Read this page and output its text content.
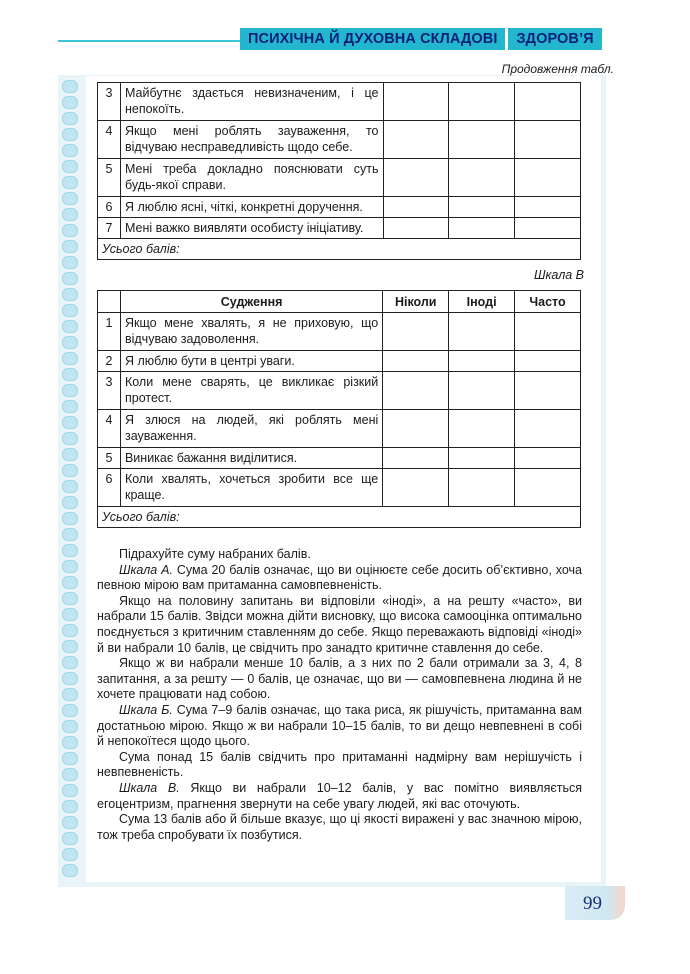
ПСИХІЧНА Й ДУХОВНА СКЛАДОВІ	ЗДОРОВ’Я
Продовження табл.
3	Майбутнє здається невизначеним, і це непокоїть.			
4	Якщо мені роблять зауваження, то відчуваю несправедливість щодо себе.			
5	Мені треба докладно пояснювати суть будь-якої справи.			
6	Я люблю ясні, чіткі, конкретні доручення.			
7	Мені важко виявляти особисту ініціативу.			
Усього балів:				
Шкала В
	Судження	Ніколи	Іноді	Часто
1	Якщо мене хвалять, я не приховую, що відчуваю задоволення.			
2	Я люблю бути в центрі уваги.			
3	Коли мене сварять, це викликає різкий протест.			
4	Я злюся на людей, які роблять мені зауваження.			
5	Виникає бажання виділитися.			
6	Коли хвалять, хочеться зробити все ще краще.			
Усього балів:				

Підрахуйте суму набраних балів.

Шкала А. Сума 20 балів означає, що ви оцінюєте себе досить об’єктивно, хоча певною мірою вам притаманна самовпевненість.

Якщо на половину запитань ви відповіли «іноді», а на решту «часто», ви набрали 15 балів. Звідси можна дійти висновку, що висока самооцінка оптимально поєднується з критичним ставленням до себе. Якщо переважають відповіді «іноді» й ви набрали 10 балів, це свідчить про занадто критичне ставлення до себе.

Якщо ж ви набрали менше 10 балів, а з них по 2 бали отримали за 3, 4, 8 запитання, а за решту — 0 балів, це означає, що ви — самовпевнена людина й не хочете працювати над собою.

Шкала Б. Сума 7–9 балів означає, що така риса, як рішучість, притаманна вам достатньою мірою. Якщо ж ви набрали 10–15 балів, то ви дещо невпевнені в собі й непокоїтеся щодо цього.

Сума понад 15 балів свідчить про притаманні надмірну вам нерішучість і невпевненість.

Шкала В. Якщо ви набрали 10–12 балів, у вас помітно виявляється егоцентризм, прагнення звернути на себе увагу людей, які вас оточують.

Сума 13 балів або й більше вказує, що ці якості виражені у вас значною мірою, тож треба спробувати їх позбутися.

99
